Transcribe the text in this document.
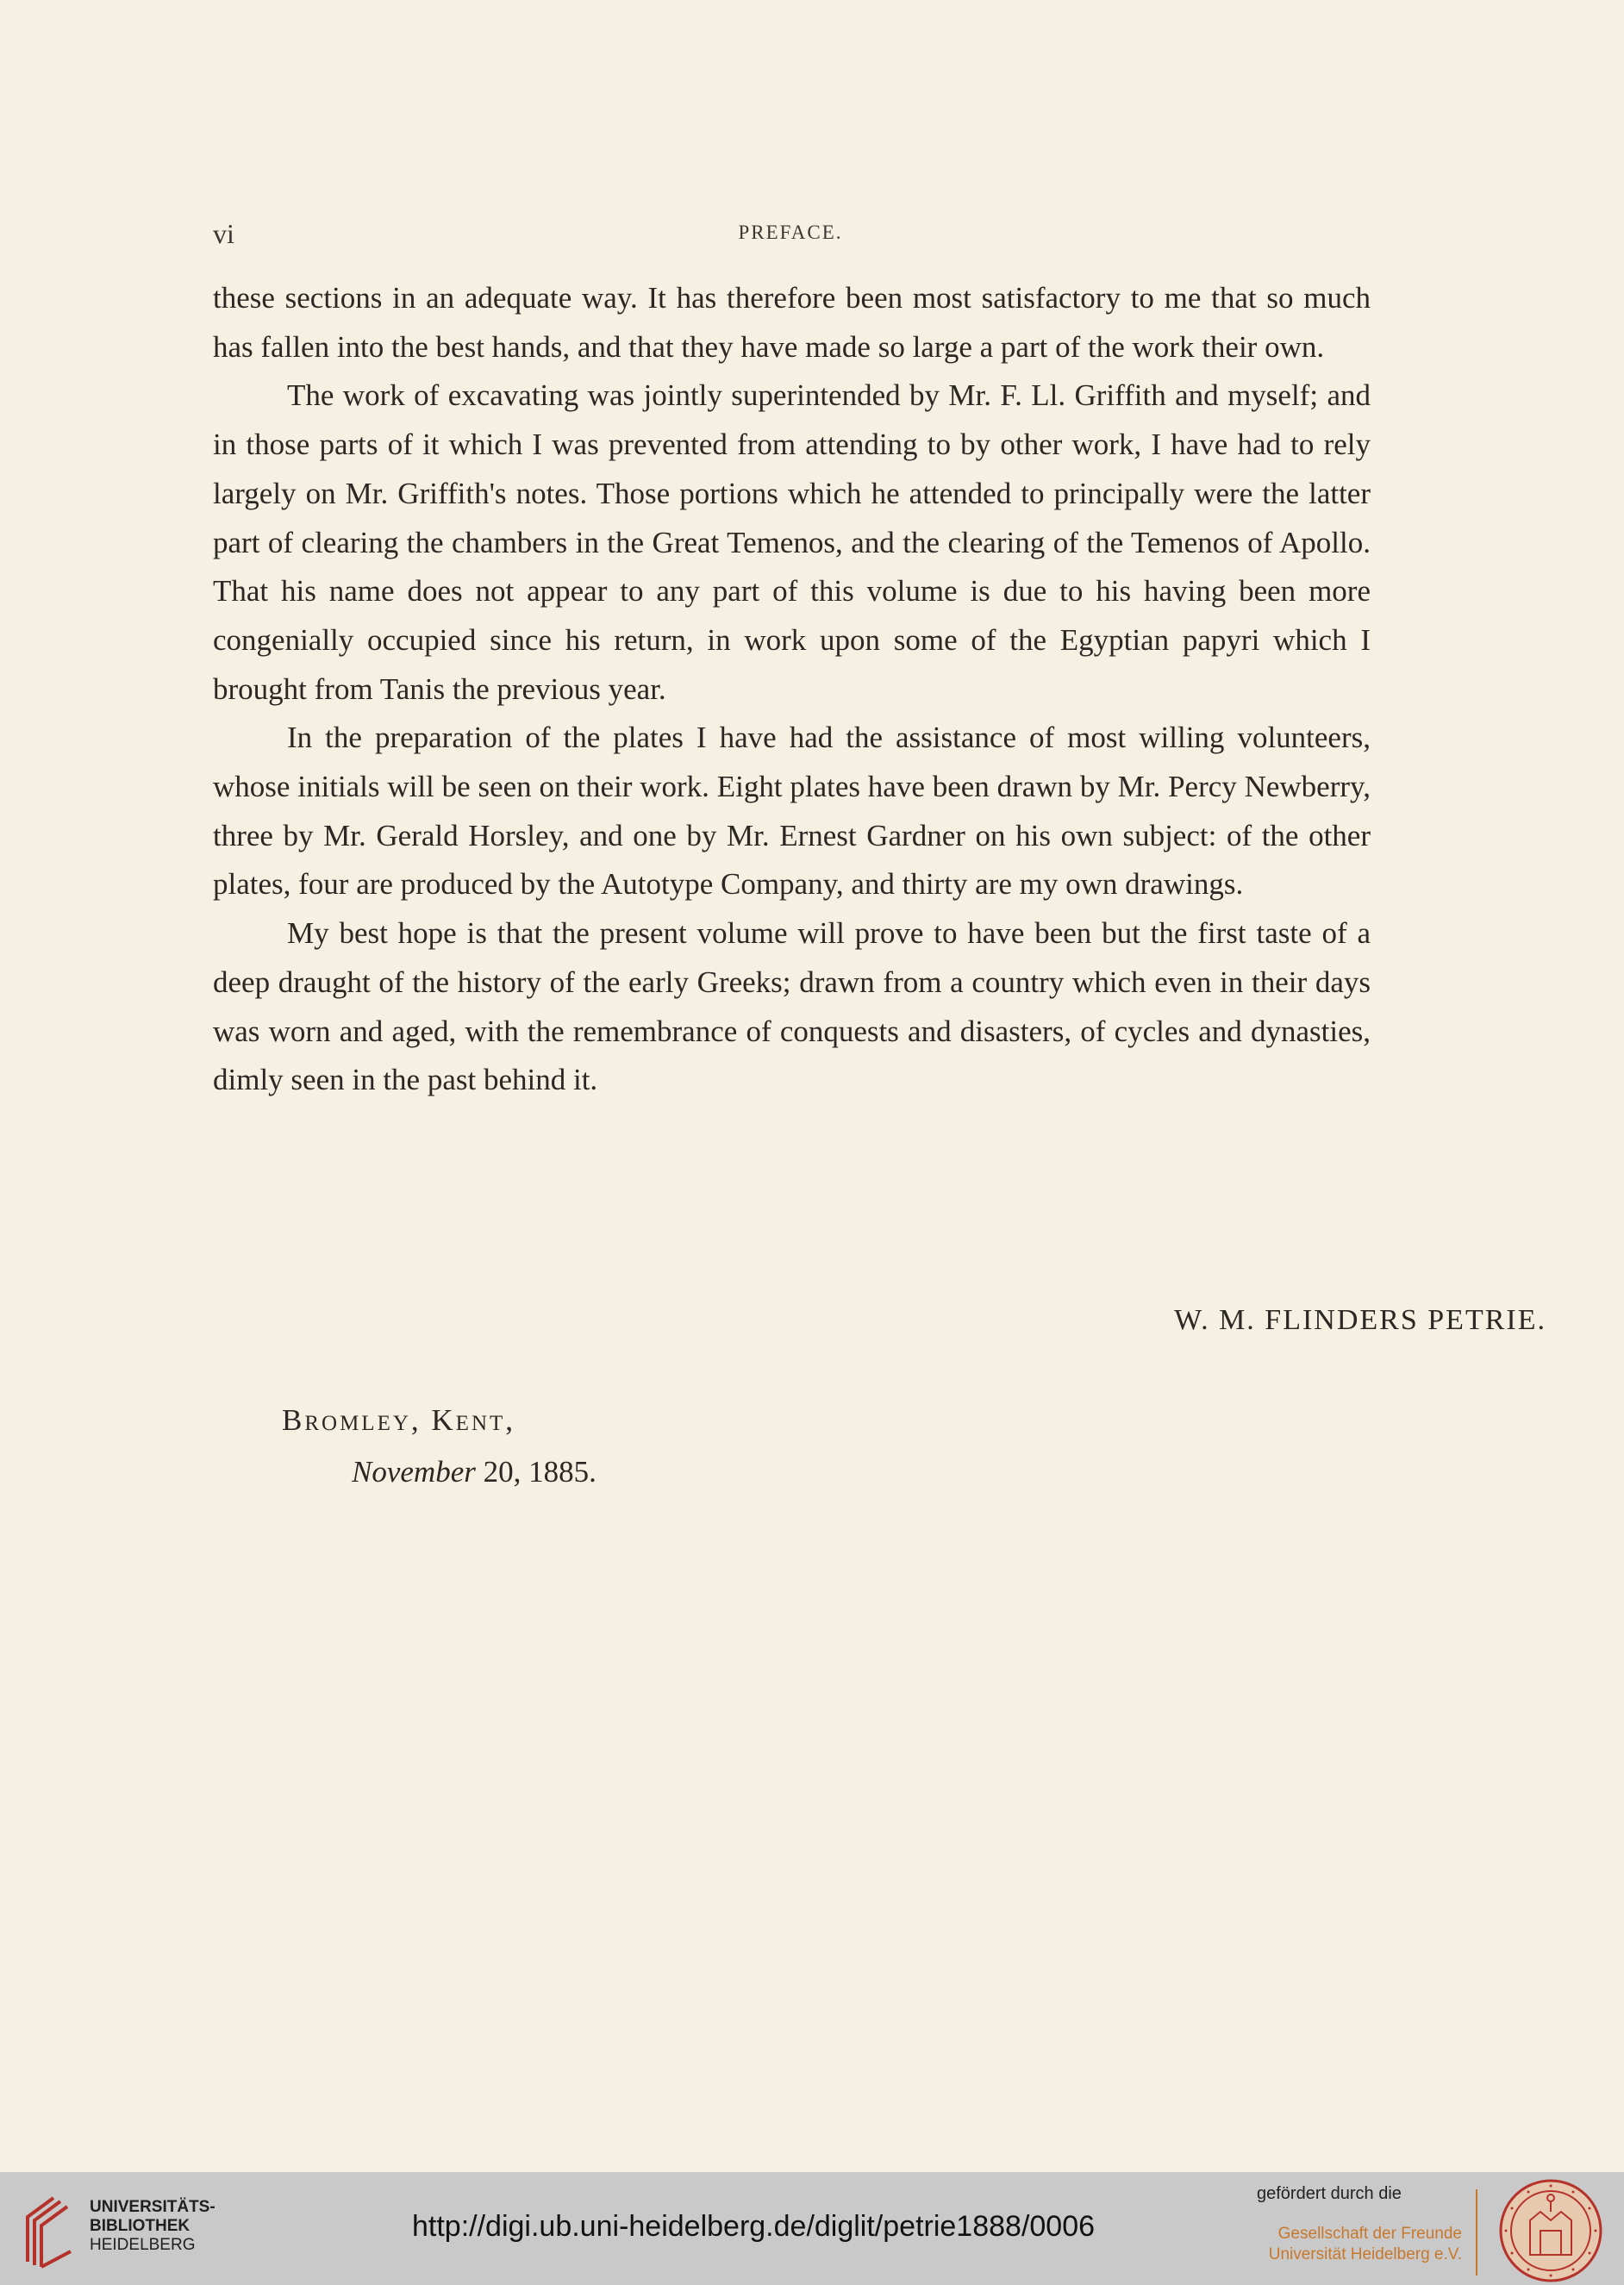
vi	PREFACE.

these sections in an adequate way. It has therefore been most satisfactory to me that so much has fallen into the best hands, and that they have made so large a part of the work their own.

The work of excavating was jointly superintended by Mr. F. Ll. Griffith and myself; and in those parts of it which I was prevented from attending to by other work, I have had to rely largely on Mr. Griffith's notes. Those portions which he attended to principally were the latter part of clearing the chambers in the Great Temenos, and the clearing of the Temenos of Apollo. That his name does not appear to any part of this volume is due to his having been more congenially occupied since his return, in work upon some of the Egyptian papyri which I brought from Tanis the previous year.

In the preparation of the plates I have had the assistance of most willing volunteers, whose initials will be seen on their work. Eight plates have been drawn by Mr. Percy Newberry, three by Mr. Gerald Horsley, and one by Mr. Ernest Gardner on his own subject: of the other plates, four are produced by the Autotype Company, and thirty are my own drawings.

My best hope is that the present volume will prove to have been but the first taste of a deep draught of the history of the early Greeks; drawn from a country which even in their days was worn and aged, with the remembrance of conquests and disasters, of cycles and dynasties, dimly seen in the past behind it.

W. M. FLINDERS PETRIE.
Bromley, Kent,
November 20, 1885.
UNIVERSITÄTS-
BIBLIOTHEK
HEIDELBERG
http://digi.ub.uni-heidelberg.de/diglit/petrie1888/0006
gefördert durch die
Gesellschaft der Freunde
Universität Heidelberg e.V.
